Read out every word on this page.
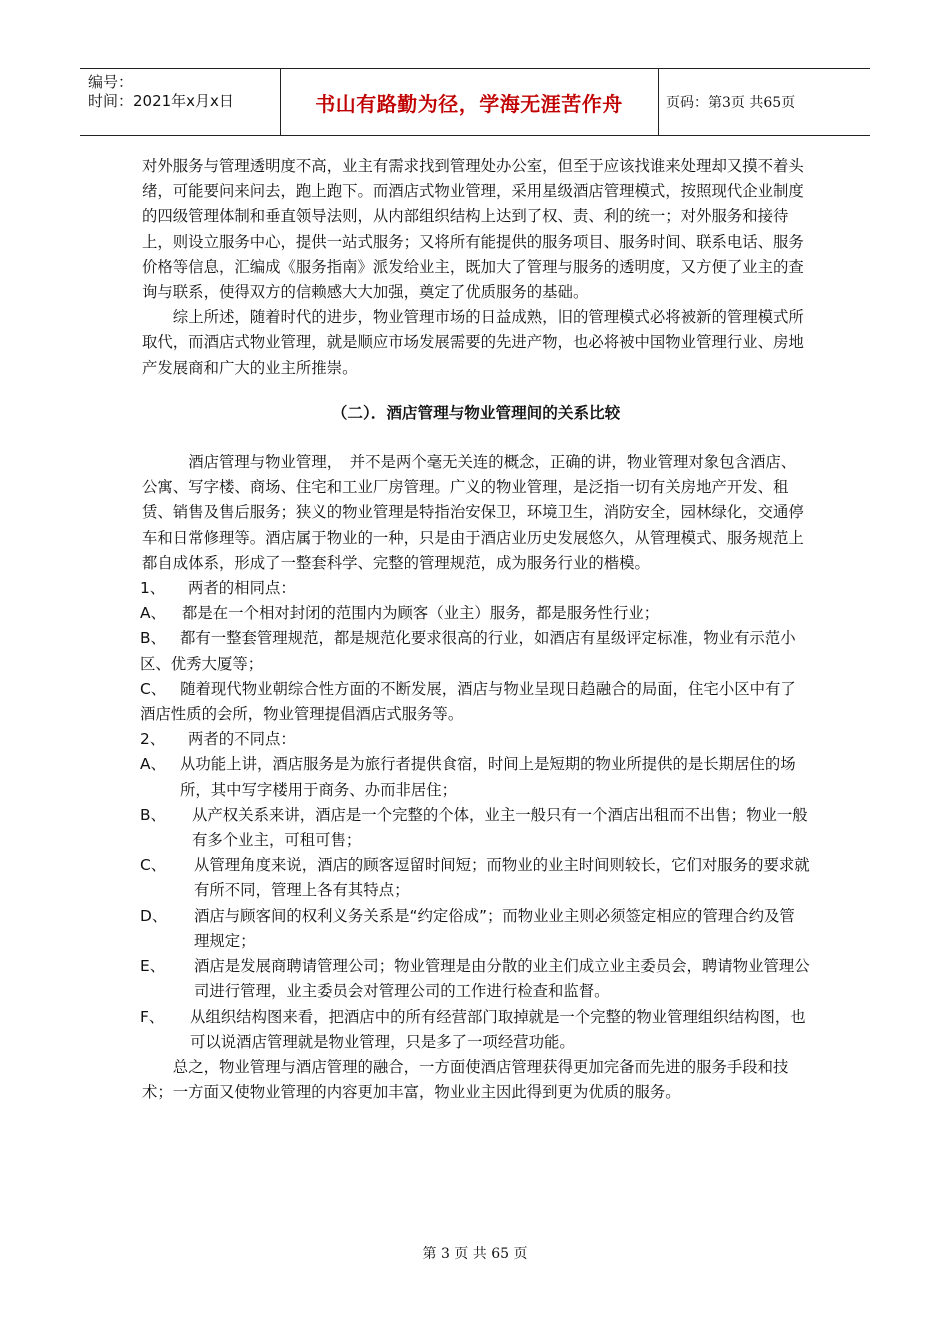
编号：
时间：2021年x月x日	书山有路勤为径，学海无涯苦作舟	页码：第3页 共65页

对外服务与管理透明度不高，业主有需求找到管理处办公室，但至于应该找谁来处理却又摸不着头绪，可能要问来问去，跑上跑下。而酒店式物业管理，采用星级酒店管理模式，按照现代企业制度的四级管理体制和垂直领导法则，从内部组织结构上达到了权、责、利的统一；对外服务和接待上，则设立服务中心，提供一站式服务；又将所有能提供的服务项目、服务时间、联系电话、服务价格等信息，汇编成《服务指南》派发给业主，既加大了管理与服务的透明度，又方便了业主的查询与联系，使得双方的信赖感大大加强，奠定了优质服务的基础。

综上所述，随着时代的进步，物业管理市场的日益成熟，旧的管理模式必将被新的管理模式所取代，而酒店式物业管理，就是顺应市场发展需要的先进产物，也必将被中国物业管理行业、房地产发展商和广大的业主所推崇。

（二）．酒店管理与物业管理间的关系比较

酒店管理与物业管理，　并不是两个毫无关连的概念，正确的讲，物业管理对象包含酒店、公寓、写字楼、商场、住宅和工业厂房管理。广义的物业管理，是泛指一切有关房地产开发、租赁、销售及售后服务；狭义的物业管理是特指治安保卫，环境卫生，消防安全，园林绿化，交通停车和日常修理等。酒店属于物业的一种，只是由于酒店业历史发展悠久，从管理模式、服务规范上都自成体系，形成了一整套科学、完整的管理规范，成为服务行业的楷模。

1、	两者的相同点：
A、	都是在一个相对封闭的范围内为顾客（业主）服务，都是服务性行业；

B、 都有一整套管理规范，都是规范化要求很高的行业，如酒店有星级评定标准，物业有示范小区、优秀大厦等；

C、 随着现代物业朝综合性方面的不断发展，酒店与物业呈现日趋融合的局面，住宅小区中有了酒店性质的会所，物业管理提倡酒店式服务等。

2、	两者的不同点：
A、 从功能上讲，酒店服务是为旅行者提供食宿，时间上是短期的物业所提供的是长期居住的场所，其中写字楼用于商务、办而非居住；
B、	从产权关系来讲，酒店是一个完整的个体，业主一般只有一个酒店出租而不出售；物业一般有多个业主，可租可售；
C、	从管理角度来说，酒店的顾客逗留时间短；而物业的业主时间则较长，它们对服务的要求就有所不同，管理上各有其特点；
D、	酒店与顾客间的权利义务关系是“约定俗成”；而物业业主则必须签定相应的管理合约及管理规定；
E、	酒店是发展商聘请管理公司；物业管理是由分散的业主们成立业主委员会，聘请物业管理公司进行管理，业主委员会对管理公司的工作进行检查和监督。
F、	从组织结构图来看，把酒店中的所有经营部门取掉就是一个完整的物业管理组织结构图，也可以说酒店管理就是物业管理，只是多了一项经营功能。

总之，物业管理与酒店管理的融合，一方面使酒店管理获得更加完备而先进的服务手段和技术；一方面又使物业管理的内容更加丰富，物业业主因此得到更为优质的服务。

第 3 页 共 65 页
